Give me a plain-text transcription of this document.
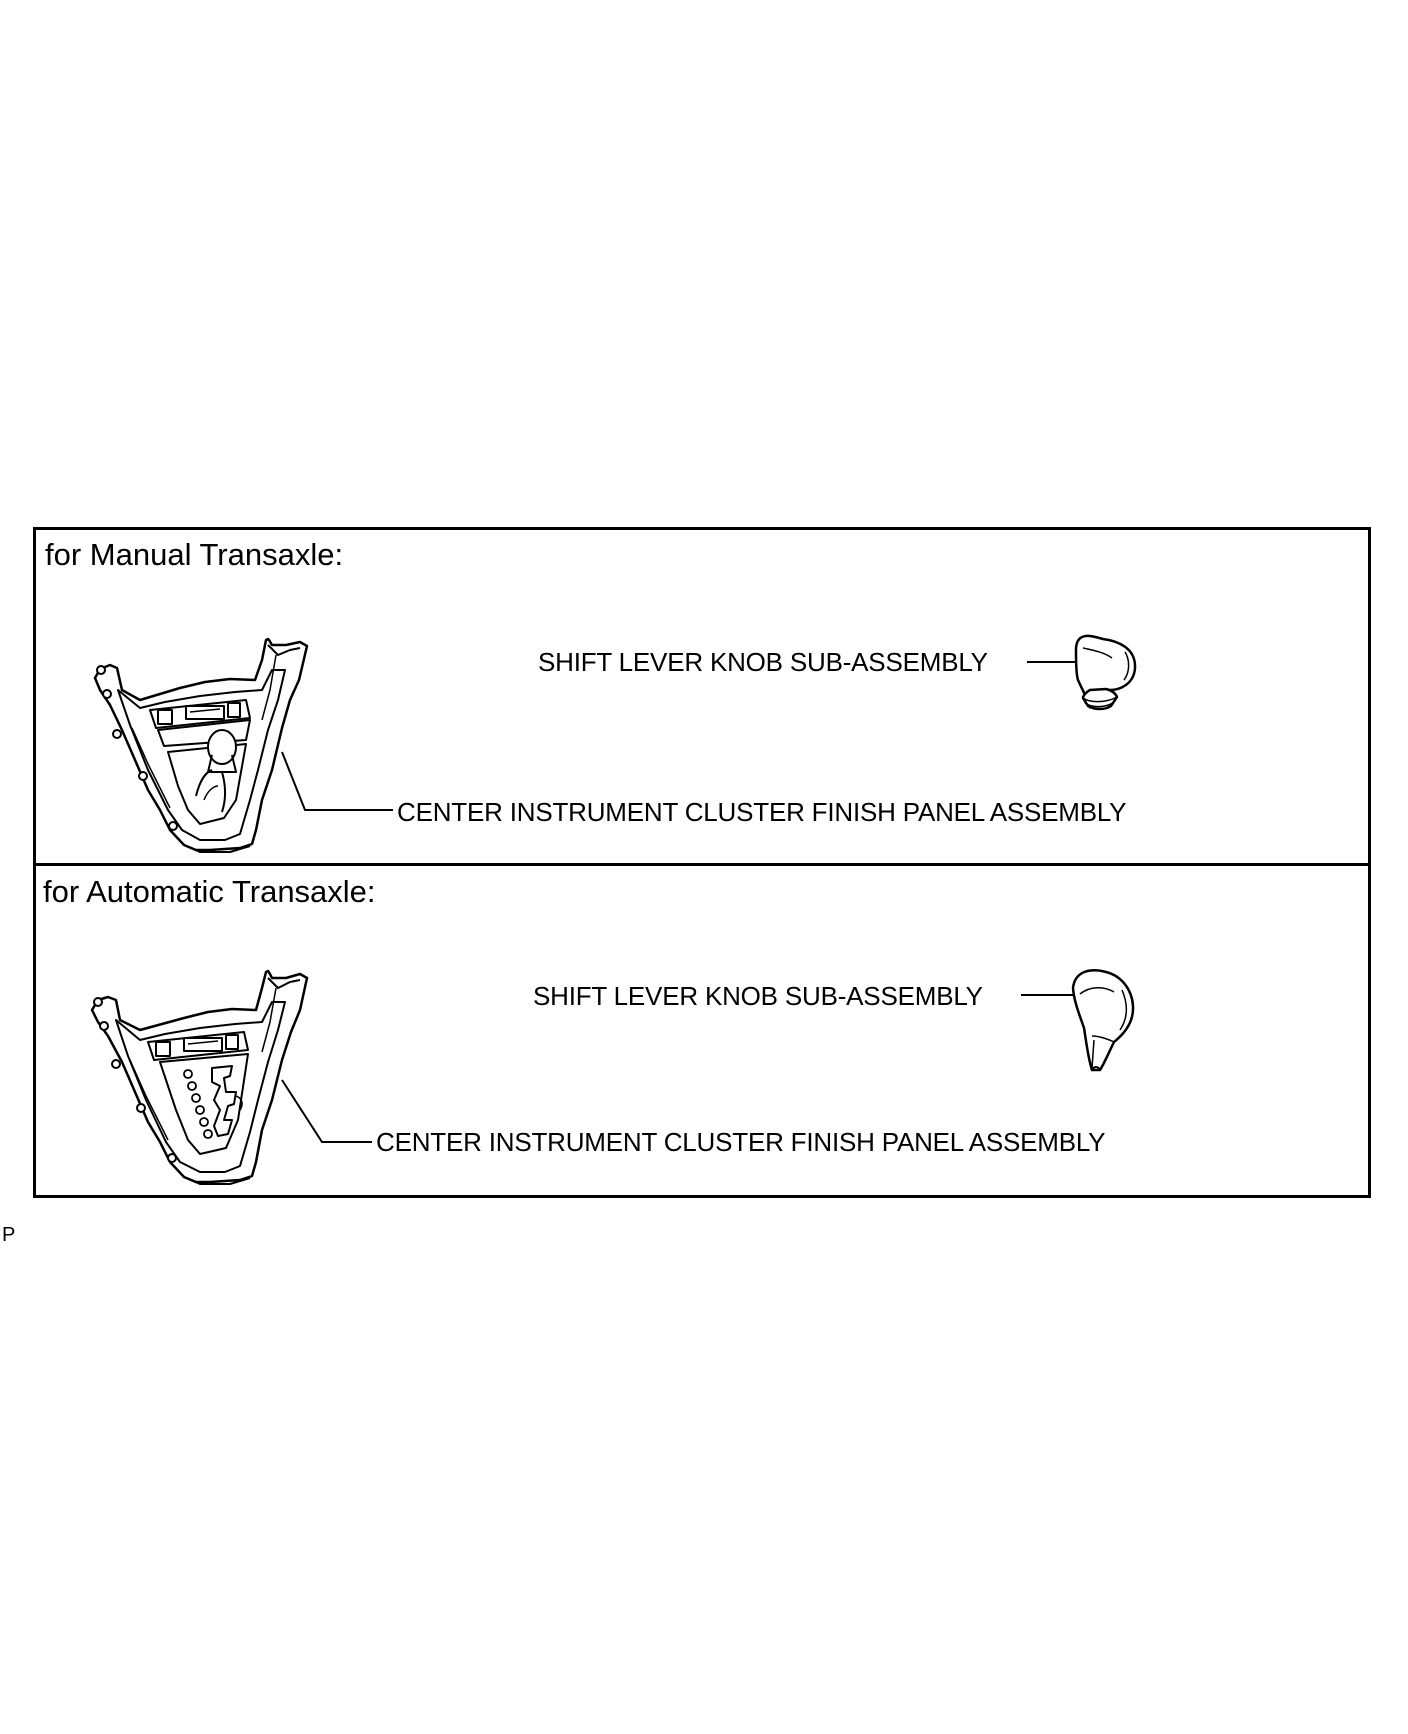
for Manual Transaxle:
SHIFT LEVER KNOB SUB-ASSEMBLY
CENTER INSTRUMENT CLUSTER FINISH PANEL ASSEMBLY
for Automatic Transaxle:
SHIFT LEVER KNOB SUB-ASSEMBLY
CENTER INSTRUMENT CLUSTER FINISH PANEL ASSEMBLY
P
